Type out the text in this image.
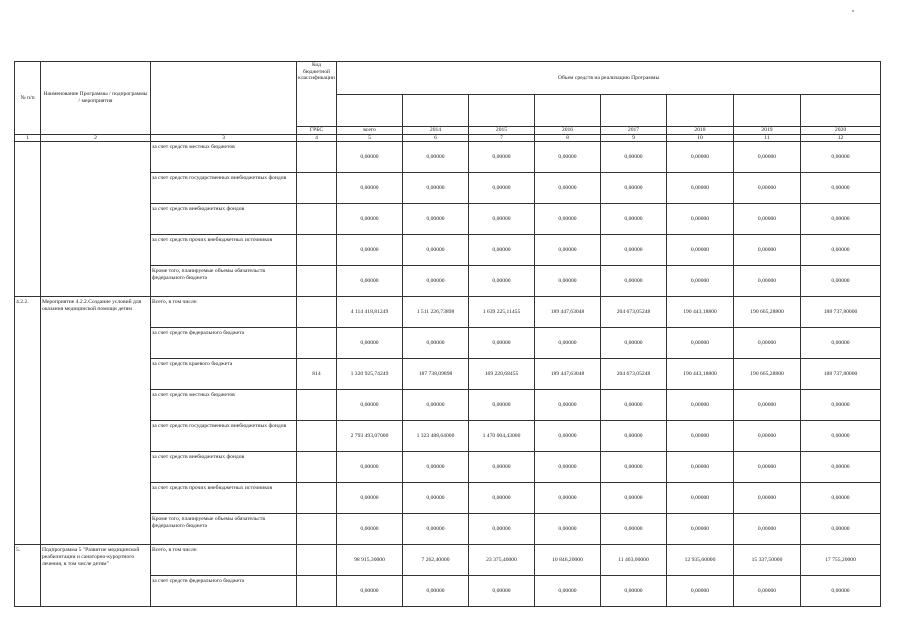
№ п/п	Наименование Программы / подпрограммы / мероприятия		Код бюджетной классификации	Объем средств на реализацию Программы							

			ГРБС	всего	2014	2015	2016	2017	2018	2019	2020
1	2	3	4	5	6	7	8	9	10	11	12
		за счет средств местных бюджетов		0,00000	0,00000	0,00000	0,00000	0,00000	0,00000	0,00000	0,00000
		за счет средств государственных внебюджетных фондов		0,00000	0,00000	0,00000	0,00000	0,00000	0,00000	0,00000	0,00000
		за счет средств внебюджетных фондов		0,00000	0,00000	0,00000	0,00000	0,00000	0,00000	0,00000	0,00000
		за счет средств прочих внебюджетных источников		0,00000	0,00000	0,00000	0,00000	0,00000	0,00000	0,00000	0,00000
		Кроме того, планируемые объемы обязательств федерального бюджета		0,00000	0,00000	0,00000	0,00000	0,00000	0,00000	0,00000	0,00000
4.2.2.	Мероприятие 4.2.2.Создание условий для оказания медицинской помощи детям	Всего, в том числе:		4 114 418,81249	1 511 226,73898	1 639 225,11455	189 447,63048	204 673,05248	190 443,18800	190 665,28800	188 737,80000
		за счет средств федерального бюджета		0,00000	0,00000	0,00000	0,00000	0,00000	0,00000	0,00000	0,00000
		за счет средств краевого бюджета	814	1 320 925,74249	187 738,09898	169 220,68455	189 447,63048	204 673,05248	190 443,18800	190 665,28800	188 737,80000
		за счет средств местных бюджетов		0,00000	0,00000	0,00000	0,00000	0,00000	0,00000	0,00000	0,00000
		за счет средств государственных внебюджетных фондов		2 793 493,07000	1 323 488,64000	1 470 004,43000	0,00000	0,00000	0,00000	0,00000	0,00000
		за счет средств внебюджетных фондов		0,00000	0,00000	0,00000	0,00000	0,00000	0,00000	0,00000	0,00000
		за счет средств прочих внебюджетных источников		0,00000	0,00000	0,00000	0,00000	0,00000	0,00000	0,00000	0,00000
		Кроме того, планируемые объемы обязательств федерального бюджета		0,00000	0,00000	0,00000	0,00000	0,00000	0,00000	0,00000	0,00000
5.	Подпрограмма 5 "Развитие медицинской реабилитации и санаторно-курортного лечения, в том числе детям"	Всего, в том числе:		98 915,30000	7 262,40000	23 375,40000	10 846,20000	11 403,00000	12 935,60000	15 337,50000	17 755,20000
		за счет средств федерального бюджета		0,00000	0,00000	0,00000	0,00000	0,00000	0,00000	0,00000	0,00000
